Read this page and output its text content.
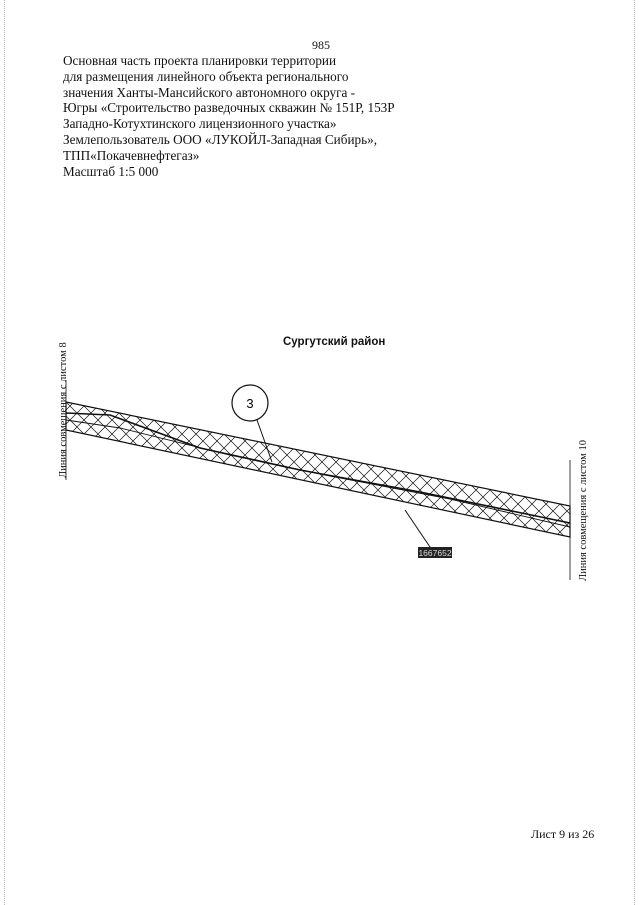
985
Основная часть проекта планировки территории
для размещения линейного объекта регионального
значения Ханты-Мансийского автономного округа -
Югры «Строительство разведочных скважин № 151Р, 153Р
Западно-Котухтинского лицензионного участка»
Землепользователь ООО «ЛУКОЙЛ-Западная Сибирь»,
ТПП«Покачевнефтегаз»
Масштаб 1:5 000
Сургутский район
3
1667652
Линия совмещения с листом 8
Линия совмещения с листом 10
Лист 9 из 26
